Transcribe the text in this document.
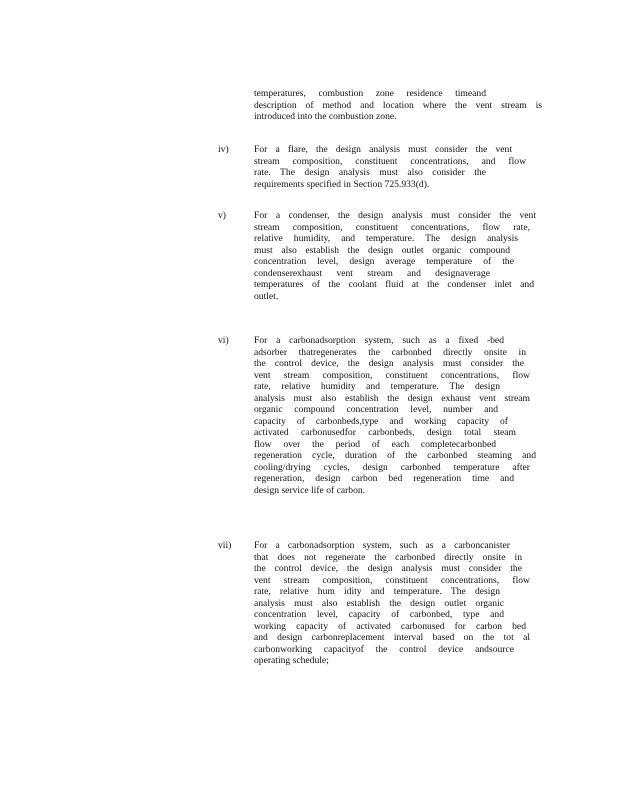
temperatures, combustion zone residence timeand
description of method and location where the vent stream is
introduced into the combustion zone.
iv)	For a flare, the design analysis must consider the vent
stream composition, constituent concentrations, and flow
rate. The design analysis must also consider the
requirements specified in Section 725.933(d).
v)	For a condenser, the design analysis must consider the vent
stream composition, constituent concentrations, flow rate,
relative humidity, and temperature. The design analysis
must also establish the design outlet organic compound
concentration level, design average temperature of the
condenserexhaust vent stream and designaverage
temperatures of the coolant fluid at the condenser inlet and
outlet.
vi)	For a carbonadsorption system, such as a fixed -bed
adsorber thatregenerates the carbonbed directly onsite in
the control device, the design analysis must consider the
vent stream composition, constituent concentrations, flow
rate, relative humidity and temperature. The design
analysis must also establish the design exhaust vent stream
organic compound concentration level, number and
capacity of carbonbeds,type and working capacity of
activated carbonusedfor carbonbeds, design total steam
flow over the period of each completecarbonbed
regeneration cycle, duration of the carbonbed steaming and
cooling/drying cycles, design carbonbed temperature after
regeneration, design carbon bed regeneration time and
design service life of carbon.
vii) For a carbonadsorption system, such as a carboncanister
that does not regenerate the carbonbed directly onsite in
the control device, the design analysis must consider the
vent stream composition, constituent concentrations, flow
rate, relative hum idity and temperature. The design
analysis must also establish the design outlet organic
concentration level, capacity of carbonbed, type and
working capacity of activated carbonused for carbon bed
and design carbonreplacement interval based on the tot al
carbonworking capacityof the control device andsource
operating schedule;
